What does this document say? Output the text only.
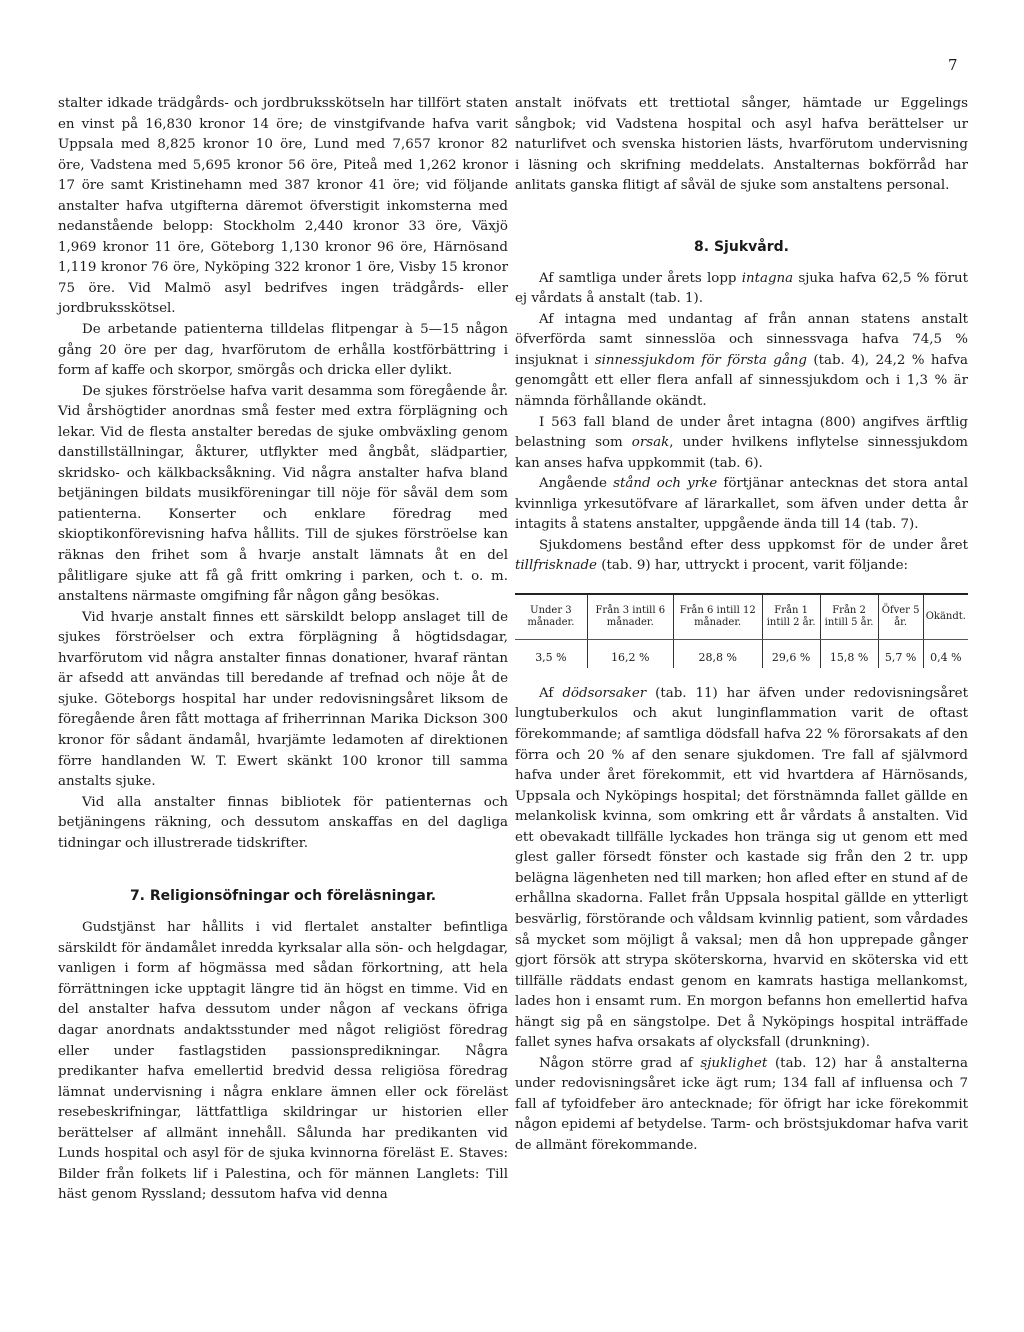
7

stalter idkade trädgårds- och jordbruksskötseln har tillfört staten en vinst på 16,830 kronor 14 öre; de vinstgifvande hafva varit Uppsala med 8,825 kronor 10 öre, Lund med 7,657 kronor 82 öre, Vadstena med 5,695 kronor 56 öre, Piteå med 1,262 kronor 17 öre samt Kristinehamn med 387 kronor 41 öre; vid följande anstalter hafva utgifterna däremot öfverstigit inkomsterna med nedanstående belopp: Stockholm 2,440 kronor 33 öre, Växjö 1,969 kronor 11 öre, Göteborg 1,130 kronor 96 öre, Härnösand 1,119 kronor 76 öre, Nyköping 322 kronor 1 öre, Visby 15 kronor 75 öre. Vid Malmö asyl bedrifves ingen trädgårds- eller jordbruksskötsel.

De arbetande patienterna tilldelas flitpengar à 5—15 någon gång 20 öre per dag, hvarförutom de erhålla kostförbättring i form af kaffe och skorpor, smörgås och dricka eller dylikt.

De sjukes förströelse hafva varit desamma som föregående år. Vid årshögtider anordnas små fester med extra förplägning och lekar. Vid de flesta anstalter beredas de sjuke ombväxling genom danstillställningar, åkturer, utflykter med ångbåt, slädpartier, skridsko- och kälkbacksåkning. Vid några anstalter hafva bland betjäningen bildats musikföreningar till nöje för såväl dem som patienterna. Konserter och enklare föredrag med skioptikonförevisning hafva hållits. Till de sjukes förströelse kan räknas den frihet som å hvarje anstalt lämnats åt en del pålitligare sjuke att få gå fritt omkring i parken, och t. o. m. anstaltens närmaste omgifning får någon gång besökas.

Vid hvarje anstalt finnes ett särskildt belopp anslaget till de sjukes förströelser och extra förplägning å högtidsdagar, hvarförutom vid några anstalter finnas donationer, hvaraf räntan är afsedd att användas till beredande af trefnad och nöje åt de sjuke. Göteborgs hospital har under redovisningsåret liksom de föregående åren fått mottaga af friherrinnan Marika Dickson 300 kronor för sådant ändamål, hvarjämte ledamoten af direktionen förre handlanden W. T. Ewert skänkt 100 kronor till samma anstalts sjuke.

Vid alla anstalter finnas bibliotek för patienternas och betjäningens räkning, och dessutom anskaffas en del dagliga tidningar och illustrerade tidskrifter.

7. Religionsöfningar och föreläsningar.

Gudstjänst har hållits i vid flertalet anstalter befintliga särskildt för ändamålet inredda kyrksalar alla sön- och helgdagar, vanligen i form af högmässa med sådan förkortning, att hela förrättningen icke upptagit längre tid än högst en timme. Vid en del anstalter hafva dessutom under någon af veckans öfriga dagar anordnats andaktsstunder med något religiöst föredrag eller under fastlagstiden passionspredikningar. Några predikanter hafva emellertid bredvid dessa religiösa föredrag lämnat undervisning i några enklare ämnen eller ock föreläst resebeskrifningar, lättfattliga skildringar ur historien eller berättelser af allmänt innehåll. Sålunda har predikanten vid Lunds hospital och asyl för de sjuka kvinnorna föreläst E. Staves: Bilder från folkets lif i Palestina, och för männen Langlets: Till häst genom Ryssland; dessutom hafva vid denna

anstalt inöfvats ett trettiotal sånger, hämtade ur Eggelings sångbok; vid Vadstena hospital och asyl hafva berättelser ur naturlifvet och svenska historien lästs, hvarförutom undervisning i läsning och skrifning meddelats. Anstalternas bokförråd har anlitats ganska flitigt af såväl de sjuke som anstaltens personal.

8. Sjukvård.

Af samtliga under årets lopp intagna sjuka hafva 62,5 % förut ej vårdats å anstalt (tab. 1).

Af intagna med undantag af från annan statens anstalt öfverförda samt sinnesslöa och sinnessvaga hafva 74,5 % insjuknat i sinnessjukdom för första gång (tab. 4), 24,2 % hafva genomgått ett eller flera anfall af sinnessjukdom och i 1,3 % är nämnda förhållande okändt.

I 563 fall bland de under året intagna (800) angifves ärftlig belastning som orsak, under hvilkens inflytelse sinnessjukdom kan anses hafva uppkommit (tab. 6).

Angående stånd och yrke förtjänar antecknas det stora antal kvinnliga yrkesutöfvare af lärarkallet, som äfven under detta år intagits å statens anstalter, uppgående ända till 14 (tab. 7).

Sjukdomens bestånd efter dess uppkomst för de under året tillfrisknade (tab. 9) har, uttryckt i procent, varit följande:

Under 3 månader.	Från 3 intill 6 månader.	Från 6 intill 12 månader.	Från 1 intill 2 år.	Från 2 intill 5 år.	Öfver 5 år.	Okändt.
3,5 %	16,2 %	28,8 %	29,6 %	15,8 %	5,7 %	0,4 %

Af dödsorsaker (tab. 11) har äfven under redovisningsåret lungtuberkulos och akut lunginflammation varit de oftast förekommande; af samtliga dödsfall hafva 22 % förorsakats af den förra och 20 % af den senare sjukdomen. Tre fall af självmord hafva under året förekommit, ett vid hvartdera af Härnösands, Uppsala och Nyköpings hospital; det förstnämnda fallet gällde en melankolisk kvinna, som omkring ett år vårdats å anstalten. Vid ett obevakadt tillfälle lyckades hon tränga sig ut genom ett med glest galler försedt fönster och kastade sig från den 2 tr. upp belägna lägenheten ned till marken; hon afled efter en stund af de erhållna skadorna. Fallet från Uppsala hospital gällde en ytterligt besvärlig, förstörande och våldsam kvinnlig patient, som vårdades så mycket som möjligt å vaksal; men då hon upprepade gånger gjort försök att strypa sköterskorna, hvarvid en sköterska vid ett tillfälle räddats endast genom en kamrats hastiga mellankomst, lades hon i ensamt rum. En morgon befanns hon emellertid hafva hängt sig på en sängstolpe. Det å Nyköpings hospital inträffade fallet synes hafva orsakats af olycksfall (drunkning).

Någon större grad af sjuklighet (tab. 12) har å anstalterna under redovisningsåret icke ägt rum; 134 fall af influensa och 7 fall af tyfoidfeber äro antecknade; för öfrigt har icke förekommit någon epidemi af betydelse. Tarm- och bröstsjukdomar hafva varit de allmänt förekommande.
